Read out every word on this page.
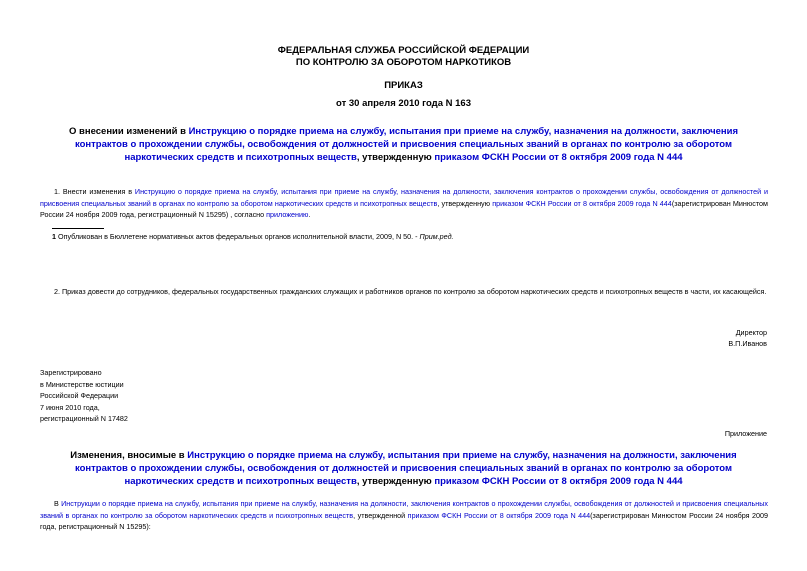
ФЕДЕРАЛЬНАЯ СЛУЖБА РОССИЙСКОЙ ФЕДЕРАЦИИ
ПО КОНТРОЛЮ ЗА ОБОРОТОМ НАРКОТИКОВ
ПРИКАЗ
от 30 апреля 2010 года N 163
О внесении изменений в Инструкцию о порядке приема на службу, испытания при приеме на службу, назначения на должности, заключения контрактов о прохождении службы, освобождения от должностей и присвоения специальных званий в органах по контролю за оборотом наркотических средств и психотропных веществ, утвержденную приказом ФСКН России от 8 октября 2009 года N 444
1. Внести изменения в Инструкцию о порядке приема на службу, испытания при приеме на службу, назначения на должности, заключения контрактов о прохождении службы, освобождения от должностей и присвоения специальных званий в органах по контролю за оборотом наркотических средств и психотропных веществ, утвержденную приказом ФСКН России от 8 октября 2009 года N 444(зарегистрирован Минюстом России 24 ноября 2009 года, регистрационный N 15295) , согласно приложению.
1 Опубликован в Бюллетене нормативных актов федеральных органов исполнительной власти, 2009, N 50. - Прим.ред.
2. Приказ довести до сотрудников, федеральных государственных гражданских служащих и работников органов по контролю за оборотом наркотических средств и психотропных веществ в части, их касающейся.
Директор
В.П.Иванов
Зарегистрировано
в Министерстве юстиции
Российской Федерации
7 июня 2010 года,
регистрационный N 17482
Приложение
Изменения, вносимые в Инструкцию о порядке приема на службу, испытания при приеме на службу, назначения на должности, заключения контрактов о прохождении службы, освобождения от должностей и присвоения специальных званий в органах по контролю за оборотом наркотических средств и психотропных веществ, утвержденную приказом ФСКН России от 8 октября 2009 года N 444
В Инструкции о порядке приема на службу, испытания при приеме на службу, назначения на должности, заключения контрактов о прохождении службы, освобождения от должностей и присвоения специальных званий в органах по контролю за оборотом наркотических средств и психотропных веществ, утвержденной приказом ФСКН России от 8 октября 2009 года N 444(зарегистрирован Минюстом России 24 ноября 2009 года, регистрационный N 15295):
